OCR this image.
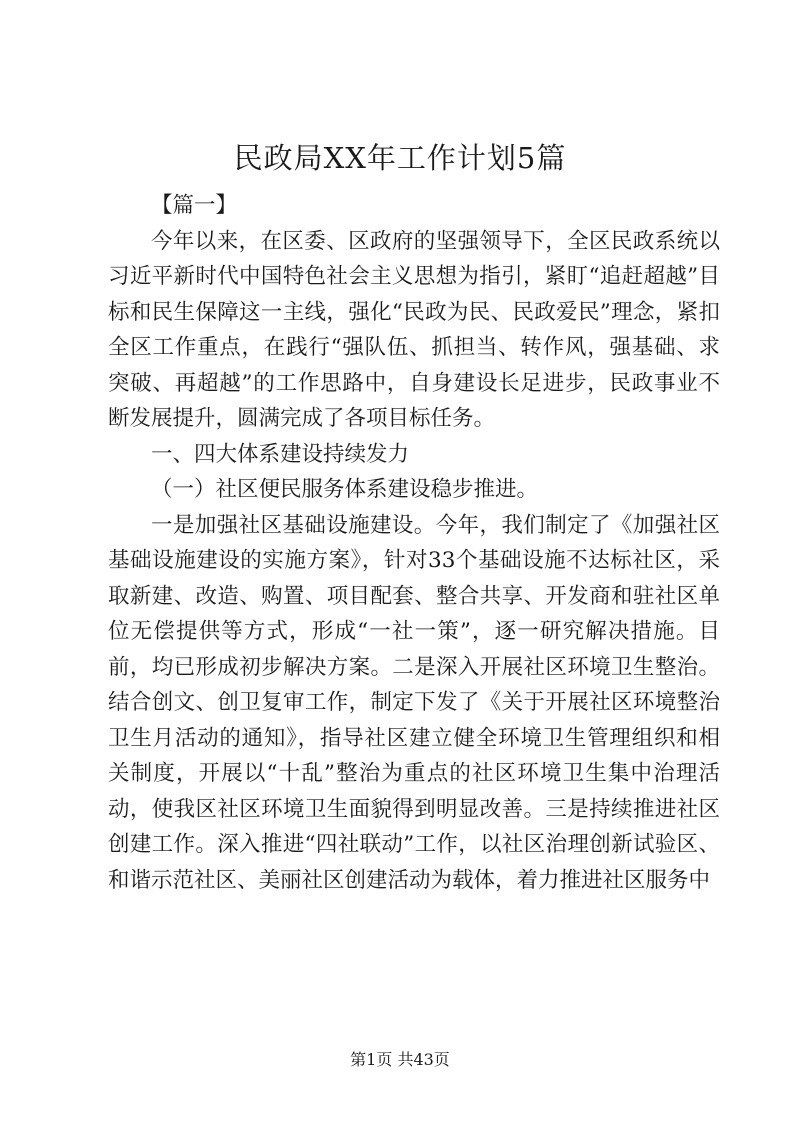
民政局XX年工作计划5篇

【篇一】

今年以来，在区委、区政府的坚强领导下，全区民政系统以习近平新时代中国特色社会主义思想为指引，紧盯“追赶超越”目标和民生保障这一主线，强化“民政为民、民政爱民”理念，紧扣全区工作重点，在践行“强队伍、抓担当、转作风，强基础、求突破、再超越”的工作思路中，自身建设长足进步，民政事业不断发展提升，圆满完成了各项目标任务。

一、四大体系建设持续发力

（一）社区便民服务体系建设稳步推进。

一是加强社区基础设施建设。今年，我们制定了《加强社区基础设施建设的实施方案》，针对33个基础设施不达标社区，采取新建、改造、购置、项目配套、整合共享、开发商和驻社区单位无偿提供等方式，形成“一社一策”，逐一研究解决措施。目前，均已形成初步解决方案。二是深入开展社区环境卫生整治。结合创文、创卫复审工作，制定下发了《关于开展社区环境整治卫生月活动的通知》，指导社区建立健全环境卫生管理组织和相关制度，开展以“十乱”整治为重点的社区环境卫生集中治理活动，使我区社区环境卫生面貌得到明显改善。三是持续推进社区创建工作。深入推进“四社联动”工作，以社区治理创新试验区、和谐示范社区、美丽社区创建活动为载体，着力推进社区服务中

第1页 共43页
